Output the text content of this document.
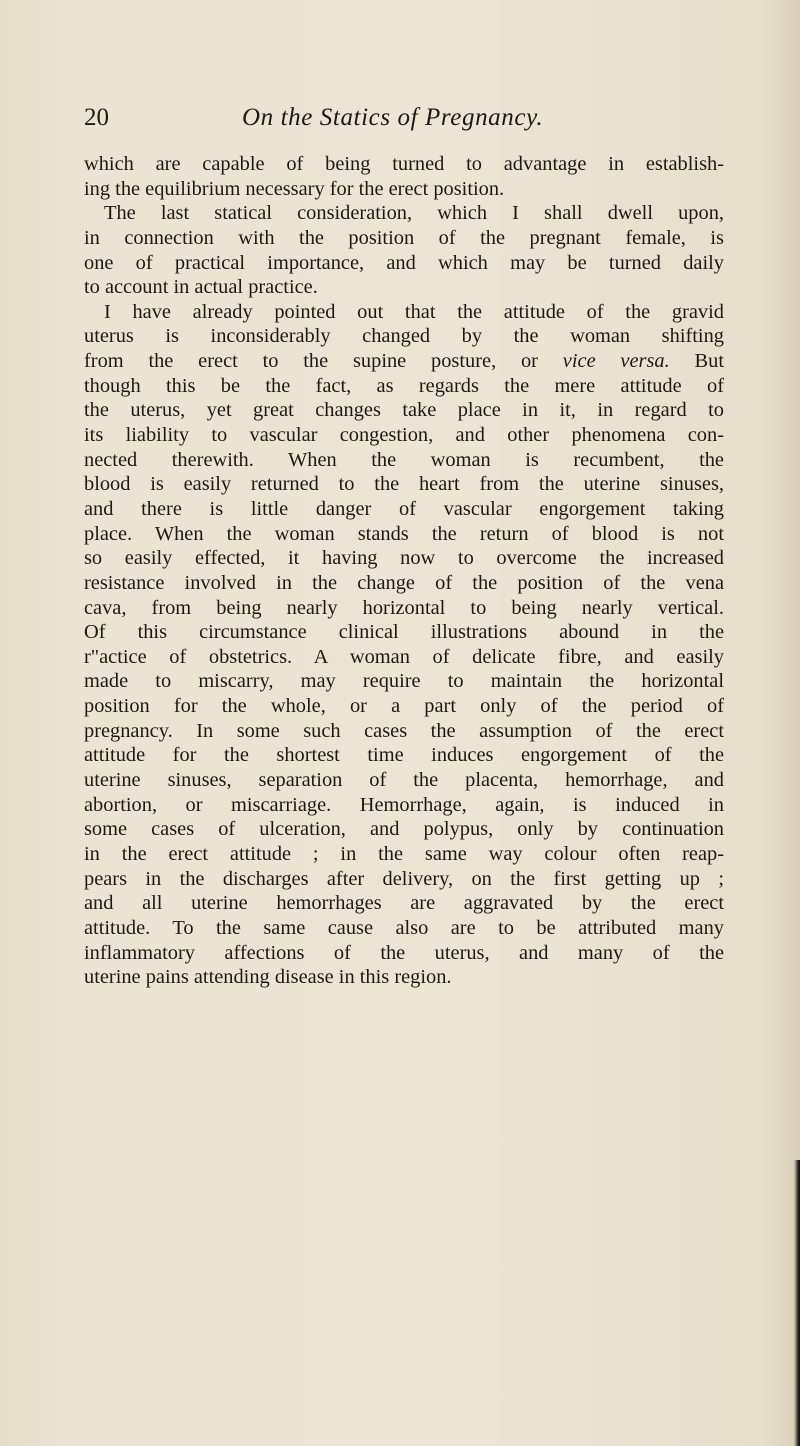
20	On the Statics of Pregnancy.
which are capable of being turned to advantage in establish-
ing the equilibrium necessary for the erect position.
The last statical consideration, which I shall dwell upon,
in connection with the position of the pregnant female, is
one of practical importance, and which may be turned daily
to account in actual practice.
I have already pointed out that the attitude of the gravid
uterus is inconsiderably changed by the woman shifting
from the erect to the supine posture, or vice versa. But
though this be the fact, as regards the mere attitude of
the uterus, yet great changes take place in it, in regard to
its liability to vascular congestion, and other phenomena con-
nected therewith. When the woman is recumbent, the
blood is easily returned to the heart from the uterine sinuses,
and there is little danger of vascular engorgement taking
place. When the woman stands the return of blood is not
so easily effected, it having now to overcome the increased
resistance involved in the change of the position of the vena
cava, from being nearly horizontal to being nearly vertical.
Of this circumstance clinical illustrations abound in the
r"actice of obstetrics. A woman of delicate fibre, and easily
made to miscarry, may require to maintain the horizontal
position for the whole, or a part only of the period of
pregnancy. In some such cases the assumption of the erect
attitude for the shortest time induces engorgement of the
uterine sinuses, separation of the placenta, hemorrhage, and
abortion, or miscarriage. Hemorrhage, again, is induced in
some cases of ulceration, and polypus, only by continuation
in the erect attitude ; in the same way colour often reap-
pears in the discharges after delivery, on the first getting up ;
and all uterine hemorrhages are aggravated by the erect
attitude. To the same cause also are to be attributed many
inflammatory affections of the uterus, and many of the
uterine pains attending disease in this region.
